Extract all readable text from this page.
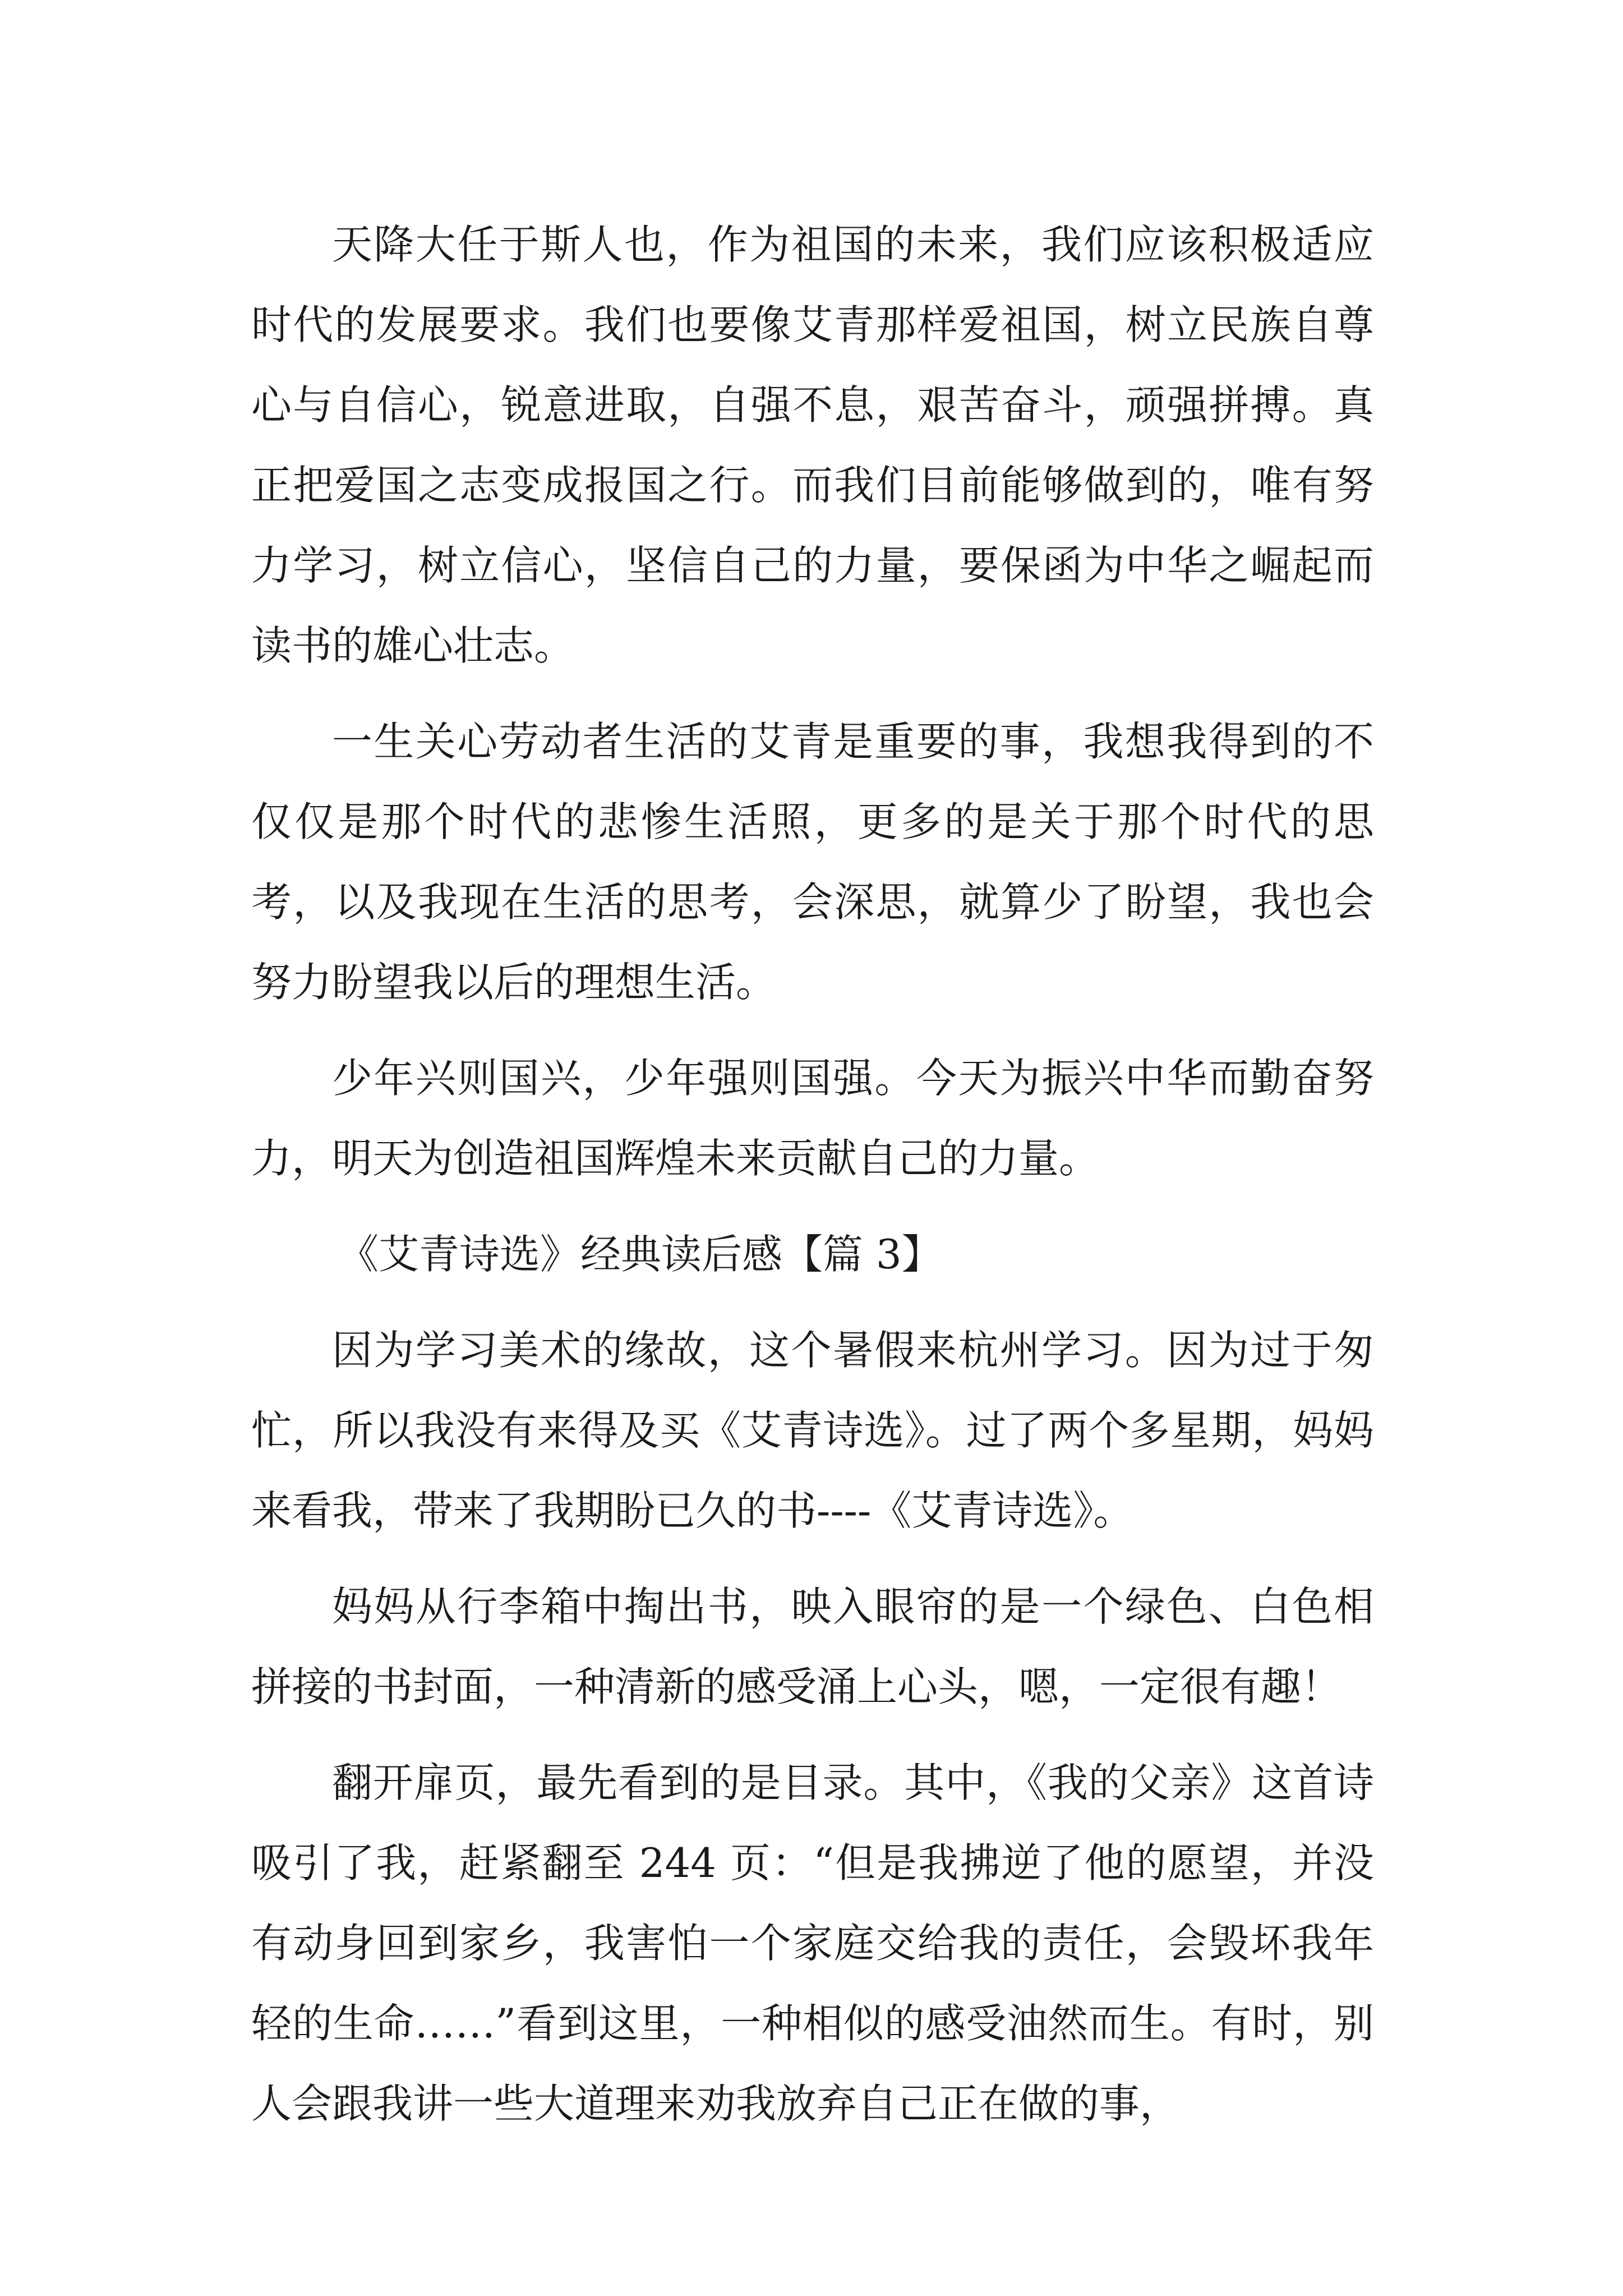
天降大任于斯人也，作为祖国的未来，我们应该积极适应时代的发展要求。我们也要像艾青那样爱祖国，树立民族自尊心与自信心，锐意进取，自强不息，艰苦奋斗，顽强拼搏。真正把爱国之志变成报国之行。而我们目前能够做到的，唯有努力学习，树立信心，坚信自己的力量，要保函为中华之崛起而读书的雄心壮志。

一生关心劳动者生活的艾青是重要的事，我想我得到的不仅仅是那个时代的悲惨生活照，更多的是关于那个时代的思考，以及我现在生活的思考，会深思，就算少了盼望，我也会努力盼望我以后的理想生活。

少年兴则国兴，少年强则国强。今天为振兴中华而勤奋努力，明天为创造祖国辉煌未来贡献自己的力量。

《艾青诗选》经典读后感【篇 3】

因为学习美术的缘故，这个暑假来杭州学习。因为过于匆忙，所以我没有来得及买《艾青诗选》。过了两个多星期，妈妈来看我，带来了我期盼已久的书----《艾青诗选》。

妈妈从行李箱中掏出书，映入眼帘的是一个绿色、白色相拼接的书封面，一种清新的感受涌上心头，嗯，一定很有趣！

翻开扉页，最先看到的是目录。其中，《我的父亲》这首诗吸引了我，赶紧翻至 244 页：“但是我拂逆了他的愿望，并没有动身回到家乡，我害怕一个家庭交给我的责任，会毁坏我年轻的生命……”看到这里，一种相似的感受油然而生。有时，别人会跟我讲一些大道理来劝我放弃自己正在做的事，
